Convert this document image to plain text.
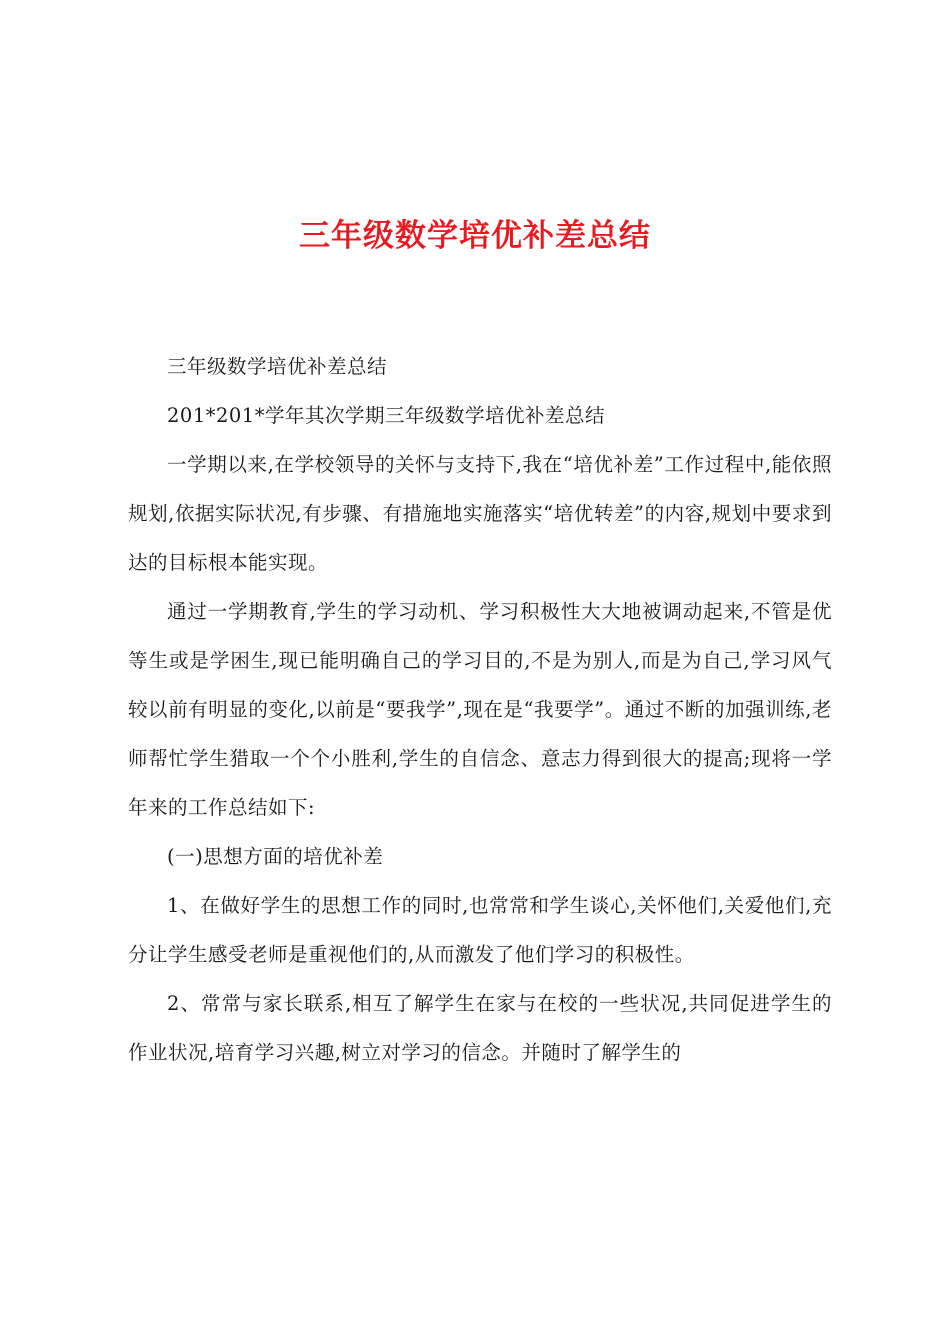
三年级数学培优补差总结

三年级数学培优补差总结

201*201*学年其次学期三年级数学培优补差总结

一学期以来,在学校领导的关怀与支持下,我在“培优补差”工作过程中,能依照规划,依据实际状况,有步骤、有措施地实施落实“培优转差”的内容,规划中要求到达的目标根本能实现。

通过一学期教育,学生的学习动机、学习积极性大大地被调动起来,不管是优等生或是学困生,现已能明确自己的学习目的,不是为别人,而是为自己,学习风气较以前有明显的变化,以前是“要我学”,现在是“我要学”。通过不断的加强训练,老师帮忙学生猎取一个个小胜利,学生的自信念、意志力得到很大的提高;现将一学年来的工作总结如下:

(一)思想方面的培优补差

1、在做好学生的思想工作的同时,也常常和学生谈心,关怀他们,关爱他们,充分让学生感受老师是重视他们的,从而激发了他们学习的积极性。

2、常常与家长联系,相互了解学生在家与在校的一些状况,共同促进学生的作业状况,培育学习兴趣,树立对学习的信念。并随时了解学生的
